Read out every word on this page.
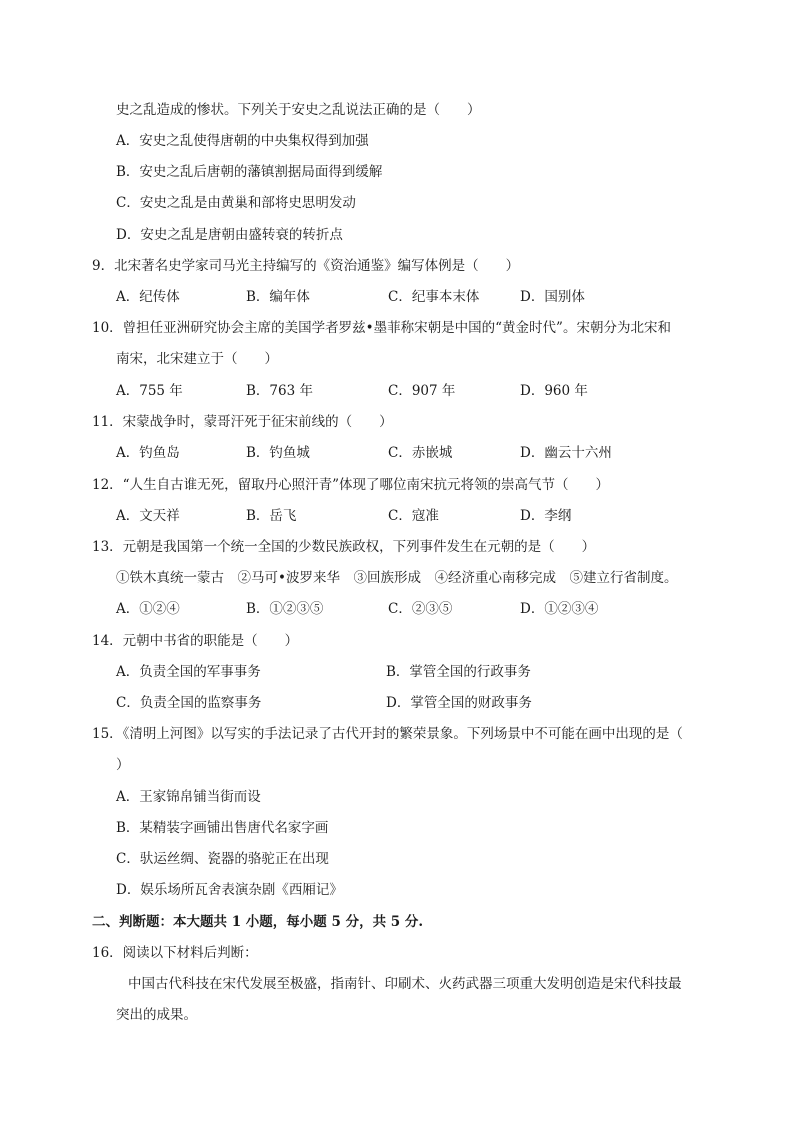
史之乱造成的惨状。下列关于安史之乱说法正确的是（　　）
A．安史之乱使得唐朝的中央集权得到加强
B．安史之乱后唐朝的藩镇割据局面得到缓解
C．安史之乱是由黄巢和部将史思明发动
D．安史之乱是唐朝由盛转衰的转折点
9．北宋著名史学家司马光主持编写的《资治通鉴》编写体例是（　　）
A．纪传体	B．编年体	C．纪事本末体	D．国别体
10．曾担任亚洲研究协会主席的美国学者罗兹•墨菲称宋朝是中国的“黄金时代”。宋朝分为北宋和
南宋，北宋建立于（　　）
A．755 年	B．763 年	C．907 年	D．960 年
11．宋蒙战争时，蒙哥汗死于征宋前线的（　　）
A．钓鱼岛	B．钓鱼城	C．赤嵌城	D．幽云十六州
12．“人生自古谁无死，留取丹心照汗青”体现了哪位南宋抗元将领的崇高气节（　　）
A．文天祥	B．岳飞	C．寇准	D．李纲
13．元朝是我国第一个统一全国的少数民族政权，下列事件发生在元朝的是（　　）
①铁木真统一蒙古　②马可•波罗来华　③回族形成　④经济重心南移完成　⑤建立行省制度。
A．①②④	B．①②③⑤	C．②③⑤	D．①②③④
14．元朝中书省的职能是（　　）
A．负责全国的军事事务	B．掌管全国的行政事务
C．负责全国的监察事务	D．掌管全国的财政事务
15．《清明上河图》以写实的手法记录了古代开封的繁荣景象。下列场景中不可能在画中出现的是（
）
A．王家锦帛铺当街而设
B．某精装字画铺出售唐代名家字画
C．驮运丝绸、瓷器的骆驼正在出现
D．娱乐场所瓦舍表演杂剧《西厢记》
二、判断题：本大题共 1 小题，每小题 5 分，共 5 分.
16．阅读以下材料后判断：
中国古代科技在宋代发展至极盛，指南针、印刷术、火药武器三项重大发明创造是宋代科技最
突出的成果。
